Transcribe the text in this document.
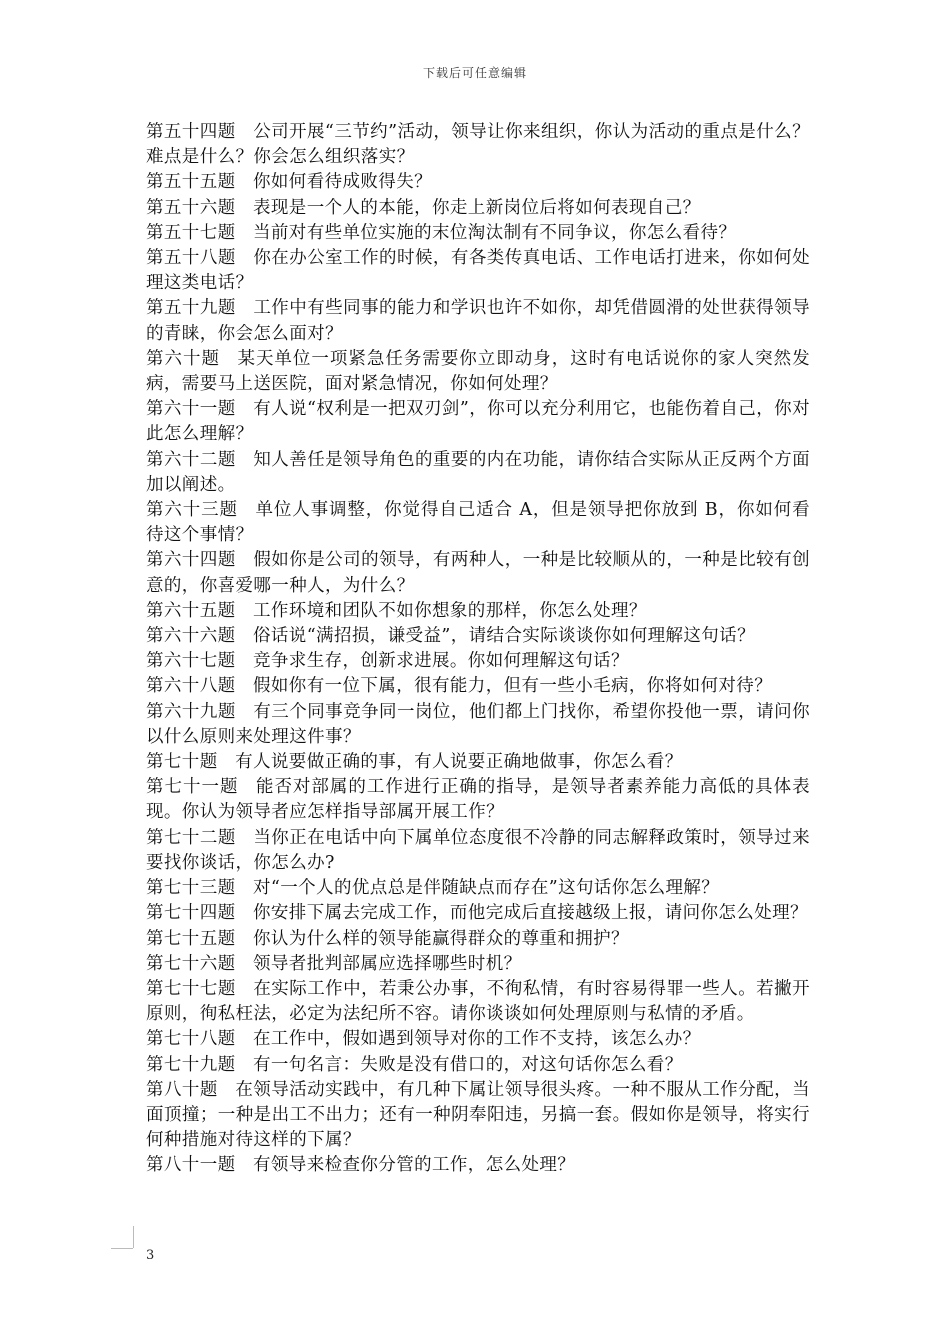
下载后可任意编辑

第五十四题 公司开展“三节约”活动，领导让你来组织，你认为活动的重点是什么？难点是什么？你会怎么组织落实？

第五十五题 你如何看待成败得失？

第五十六题 表现是一个人的本能，你走上新岗位后将如何表现自己？

第五十七题 当前对有些单位实施的末位淘汰制有不同争议，你怎么看待？

第五十八题 你在办公室工作的时候，有各类传真电话、工作电话打进来，你如何处理这类电话？

第五十九题 工作中有些同事的能力和学识也许不如你，却凭借圆滑的处世获得领导的青睐，你会怎么面对？

第六十题 某天单位一项紧急任务需要你立即动身，这时有电话说你的家人突然发病，需要马上送医院，面对紧急情况，你如何处理？

第六十一题 有人说“权利是一把双刃剑”，你可以充分利用它，也能伤着自己，你对此怎么理解？

第六十二题 知人善任是领导角色的重要的内在功能，请你结合实际从正反两个方面加以阐述。

第六十三题 单位人事调整，你觉得自己适合 A，但是领导把你放到 B，你如何看待这个事情？

第六十四题 假如你是公司的领导，有两种人，一种是比较顺从的，一种是比较有创意的，你喜爱哪一种人，为什么？

第六十五题 工作环境和团队不如你想象的那样，你怎么处理？

第六十六题 俗话说“满招损，谦受益”，请结合实际谈谈你如何理解这句话？

第六十七题 竞争求生存，创新求进展。你如何理解这句话？

第六十八题 假如你有一位下属，很有能力，但有一些小毛病，你将如何对待？

第六十九题 有三个同事竞争同一岗位，他们都上门找你，希望你投他一票，请问你以什么原则来处理这件事？

第七十题 有人说要做正确的事，有人说要正确地做事，你怎么看？

第七十一题 能否对部属的工作进行正确的指导，是领导者素养能力高低的具体表现。你认为领导者应怎样指导部属开展工作？

第七十二题 当你正在电话中向下属单位态度很不冷静的同志解释政策时，领导过来要找你谈话，你怎么办?

第七十三题 对“一个人的优点总是伴随缺点而存在”这句话你怎么理解？

第七十四题 你安排下属去完成工作，而他完成后直接越级上报，请问你怎么处理？

第七十五题 你认为什么样的领导能赢得群众的尊重和拥护？

第七十六题 领导者批判部属应选择哪些时机？

第七十七题 在实际工作中，若秉公办事，不徇私情，有时容易得罪一些人。若撇开原则，徇私枉法，必定为法纪所不容。请你谈谈如何处理原则与私情的矛盾。

第七十八题 在工作中，假如遇到领导对你的工作不支持，该怎么办？

第七十九题 有一句名言：失败是没有借口的，对这句话你怎么看？

第八十题 在领导活动实践中，有几种下属让领导很头疼。一种不服从工作分配，当面顶撞；一种是出工不出力；还有一种阴奉阳违，另搞一套。假如你是领导，将实行何种措施对待这样的下属？

第八十一题 有领导来检查你分管的工作，怎么处理？

3
